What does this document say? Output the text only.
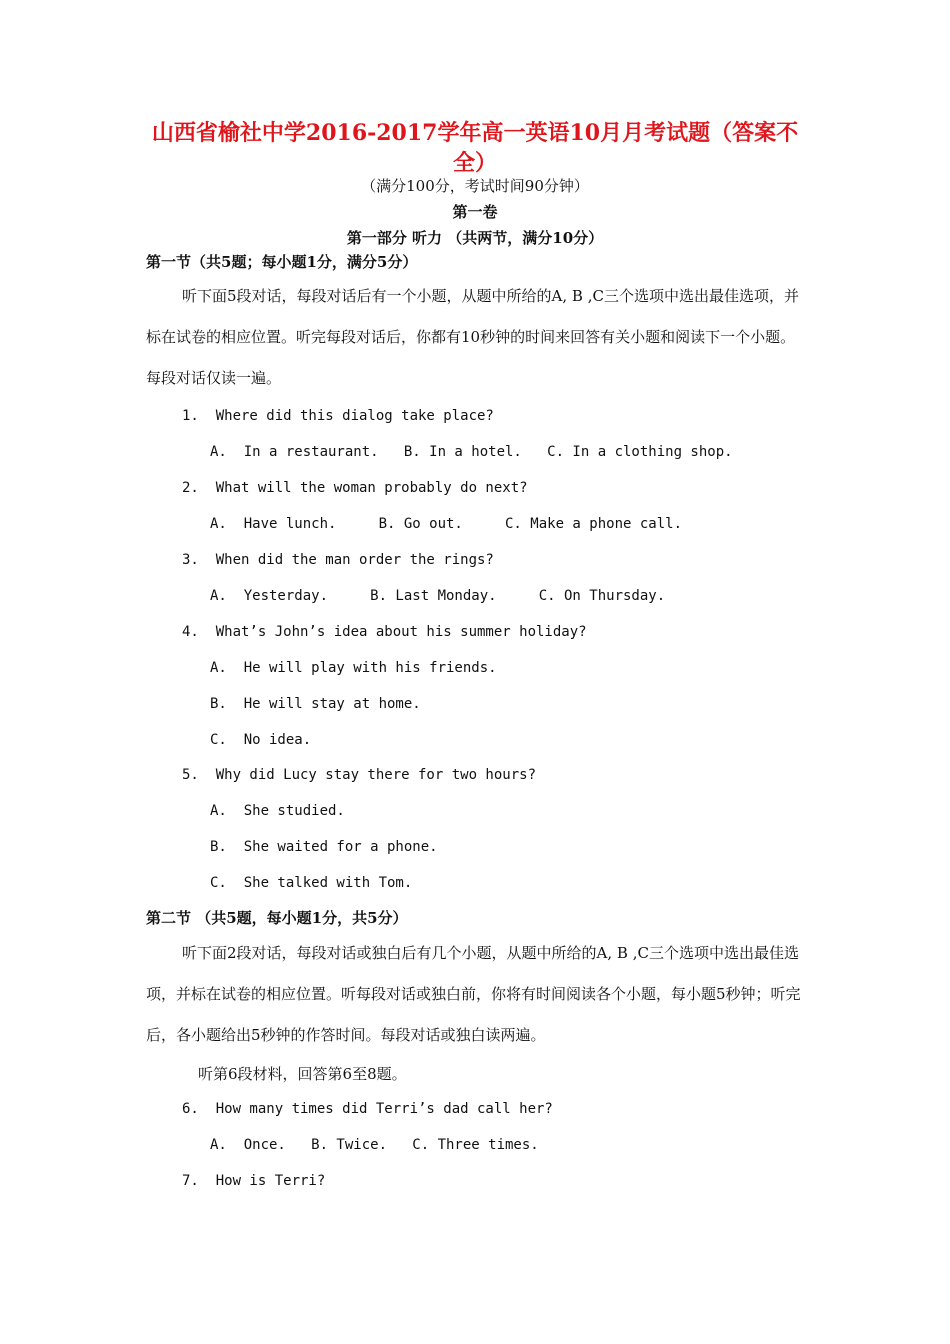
山西省榆社中学2016-2017学年高一英语10月月考试题（答案不
全）
（满分100分，考试时间90分钟）
第一卷
第一部分 听力 （共两节，满分10分）
第一节（共5题；每小题1分，满分5分）
听下面5段对话，每段对话后有一个小题，从题中所给的A, B ,C三个选项中选出最佳选项，并标在试卷的相应位置。听完每段对话后，你都有10秒钟的时间来回答有关小题和阅读下一个小题。每段对话仅读一遍。
1.  Where did this dialog take place?
A.  In a restaurant.   B. In a hotel.   C. In a clothing shop.
2.  What will the woman probably do next?
A.  Have lunch.     B. Go out.     C. Make a phone call.
3.  When did the man order the rings?
A.  Yesterday.     B. Last Monday.     C. On Thursday.
4.  What’s John’s idea about his summer holiday?
A.  He will play with his friends.
B.  He will stay at home.
C.  No idea.
5.  Why did Lucy stay there for two hours?
A.  She studied.
B.  She waited for a phone.
C.  She talked with Tom.
第二节 （共5题，每小题1分，共5分）
听下面2段对话，每段对话或独白后有几个小题，从题中所给的A, B ,C三个选项中选出最佳选项，并标在试卷的相应位置。听每段对话或独白前，你将有时间阅读各个小题，每小题5秒钟；听完后，各小题给出5秒钟的作答时间。每段对话或独白读两遍。
听第6段材料，回答第6至8题。
6.  How many times did Terri’s dad call her?
A.  Once.   B. Twice.   C. Three times.
7.  How is Terri?
